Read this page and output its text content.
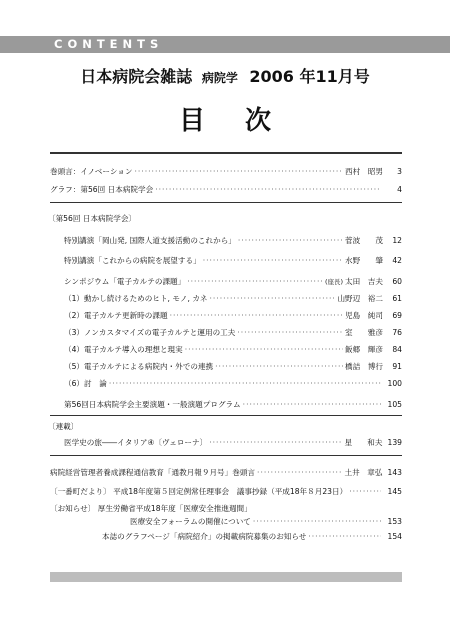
CONTENTS
日本病院会雑誌 病院学 2006 年11月号
目次
巻頭言：イノベーション ·····	西村　昭男	3
グラフ：第56回 日本病院学会 ·····	4
〔第56回 日本病院学会〕
特別講演「岡山発, 国際人道支援活動のこれから」 ·····	菅波　　茂	12
特別講演「これからの病院を展望する」 ·····	水野　　肇	42
シンポジウム「電子カルテの課題」 ·····	(座長) 太田　吉夫	60
（1）動かし続けるためのヒト, モノ, カネ ·····	山野辺　裕二	61
（2）電子カルテ更新時の課題 ·····	児島　純司	69
（3）ノンカスタマイズの電子カルテと運用の工夫 ·····	室　　雅彦	76
（4）電子カルテ導入の理想と現実 ·····	飯郷　輝彦	84
（5）電子カルテによる病院内・外での連携 ·····	橋詰　博行	91
（6）討　論 ·····	100
第56回日本病院学会主要演題・一般演題プログラム ·····	105
〔連載〕
医学史の旅――イタリア④〔ヴェローナ〕 ·····	星　　和夫 139
病院経営管理者養成課程通信教育「通教月報９月号」巻頭言 ·····	土井　章弘 143
〔一番町だより〕 平成18年度第５回定例常任理事会　議事抄録（平成18年８月23日） ·····	145
〔お知らせ〕 厚生労働省平成18年度「医療安全推進週間」
医療安全フォーラムの開催について ·····	153
本誌のグラフページ「病院紹介」の掲載病院募集のお知らせ ·····	154
